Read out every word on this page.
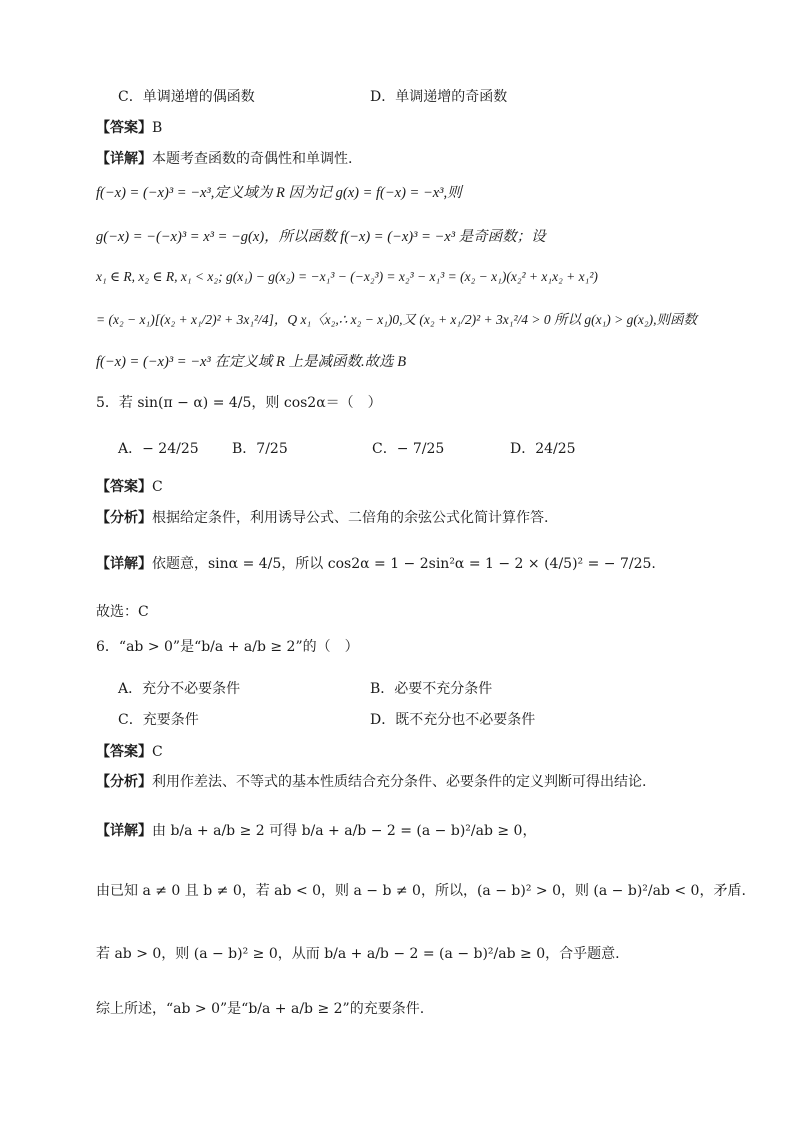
C．单调递增的偶函数	D．单调递增的奇函数
【答案】B
【详解】本题考查函数的奇偶性和单调性.
f(−x) = (−x)³ = −x³,定义域为 R 因为记 g(x) = f(−x) = −x³,则
g(−x) = −(−x)³ = x³ = −g(x)，所以函数 f(−x) = (−x)³ = −x³ 是奇函数；设
x₁ ∈ R, x₂ ∈ R, x₁ < x₂; g(x₁) − g(x₂) = −x₁³ − (−x₂³) = x₂³ − x₁³ = (x₂ − x₁)(x₂² + x₁x₂ + x₁²)
= (x₂ − x₁)[(x₂ + x₁/2)² + 3x₁²/4]，Q x₁〈x₂,∴ x₂ − x₁)0,又 (x₂ + x₁/2)² + 3x₁²/4 > 0 所以 g(x₁) > g(x₂),则函数
f(−x) = (−x)³ = −x³ 在定义域 R 上是减函数.故选 B
5．若 sin(π − α) = 4/5，则 cos2α＝（　）
A．− 24/25 B．7/25	C．− 7/25	D．24/25
【答案】C
【分析】根据给定条件，利用诱导公式、二倍角的余弦公式化简计算作答.
【详解】依题意，sinα = 4/5，所以 cos2α = 1 − 2sin²α = 1 − 2 × (4/5)² = − 7/25.
故选：C
6．“ab > 0”是“b/a + a/b ≥ 2”的（　）
A．充分不必要条件	B．必要不充分条件
C．充要条件	D．既不充分也不必要条件
【答案】C
【分析】利用作差法、不等式的基本性质结合充分条件、必要条件的定义判断可得出结论.
【详解】由 b/a + a/b ≥ 2 可得 b/a + a/b − 2 = (a − b)²/ab ≥ 0，
由已知 a ≠ 0 且 b ≠ 0，若 ab < 0，则 a − b ≠ 0，所以，(a − b)² > 0，则 (a − b)²/ab < 0，矛盾.
若 ab > 0，则 (a − b)² ≥ 0，从而 b/a + a/b − 2 = (a − b)²/ab ≥ 0，合乎题意.
综上所述，“ab > 0”是“b/a + a/b ≥ 2”的充要条件.
